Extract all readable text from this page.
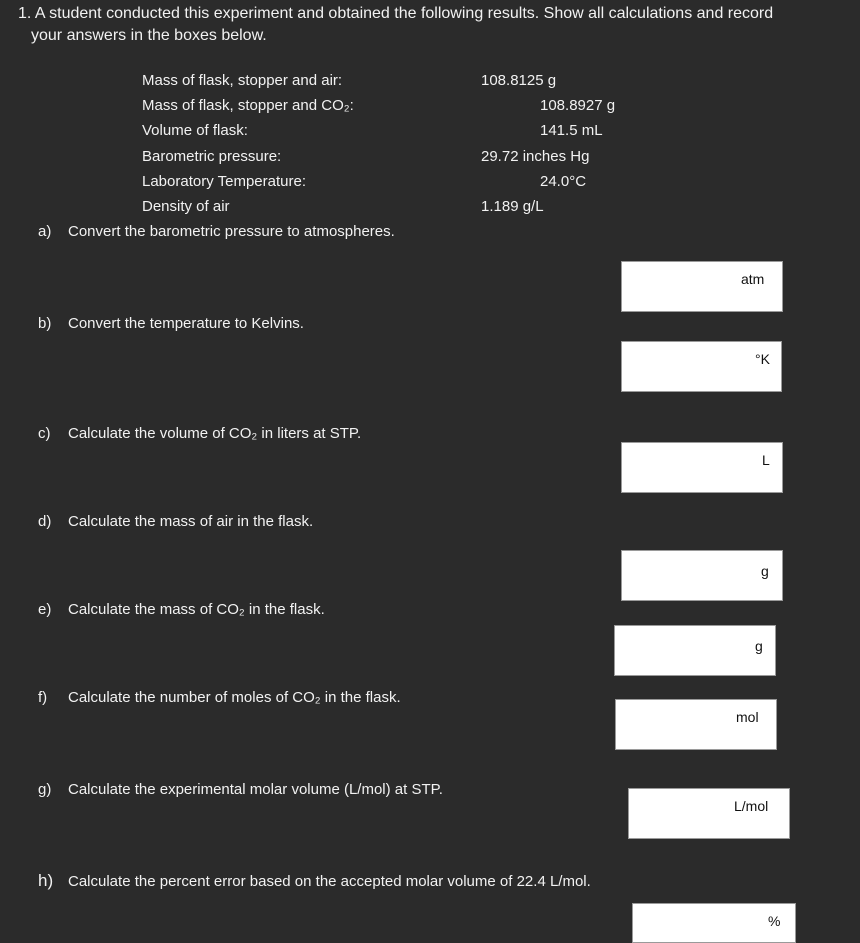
1. A student conducted this experiment and obtained the following results. Show all calculations and record
your answers in the boxes below.
Mass of flask, stopper and air:	108.8125 g
Mass of flask, stopper and CO₂:	108.8927 g
Volume of flask:	141.5 mL
Barometric pressure:	29.72 inches Hg
Laboratory Temperature:	24.0°C
Density of air	1.189 g/L
a) Convert the barometric pressure to atmospheres.
atm
b) Convert the temperature to Kelvins.
°K
c) Calculate the volume of CO₂ in liters at STP.
L
d) Calculate the mass of air in the flask.
g
e) Calculate the mass of CO₂ in the flask.
g
f) Calculate the number of moles of CO₂ in the flask.
mol
g) Calculate the experimental molar volume (L/mol) at STP.
L/mol
h) Calculate the percent error based on the accepted molar volume of 22.4 L/mol.
%
